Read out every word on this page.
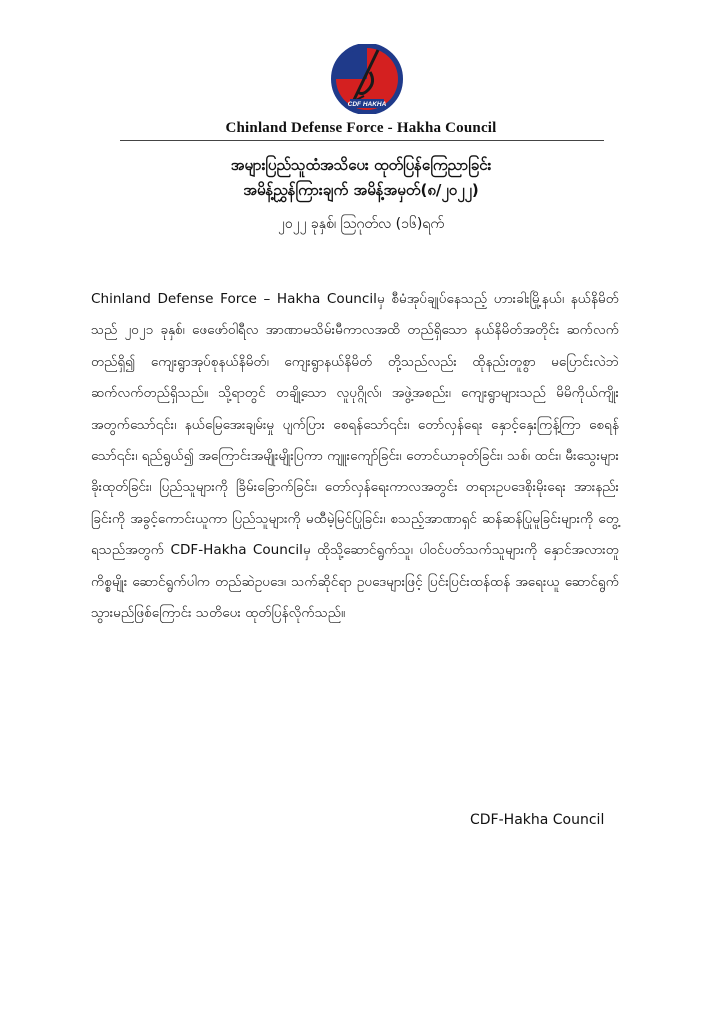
CDF HAKHA
Chinland Defense Force - Hakha Council
အများပြည်သူထံအသိပေး ထုတ်ပြန်ကြေညာခြင်း
အမိန့်ညွှန်ကြားချက် အမိန့်အမှတ်(၈/၂၀၂၂)
၂၀၂၂ ခုနှစ်၊ ဩဂုတ်လ (၁၆)ရက်
Chinland Defense Force – Hakha Councilမှ စီမံအုပ်ချုပ်နေသည့် ဟားခါးမြို့နယ်၊ နယ်နိမိတ်သည် ၂၀၂၁ ခုနှစ်၊ ဖေဖော်ဝါရီလ အာဏာမသိမ်းမီကာလအထိ တည်ရှိသော နယ်နိမိတ်အတိုင်း ဆက်လက်တည်ရှိ၍ ကျေးရွာအုပ်စုနယ်နိမိတ်၊ ကျေးရွာနယ်နိမိတ် တို့သည်လည်း ထိုနည်းတူစွာ မပြောင်းလဲဘဲ ဆက်လက်တည်ရှိသည်။ သို့ရာတွင် တချို့သော လူပုဂ္ဂိုလ်၊ အဖွဲ့အစည်း၊ ကျေးရွာများသည် မိမိကိုယ်ကျိုး အတွက်သော်၎င်း၊ နယ်မြေအေးချမ်းမှု ပျက်ပြား စေရန်သော်၎င်း၊ တော်လှန်ရေး နှောင့်နှေးကြန့်ကြာ စေရန်သော်၎င်း၊ ရည်ရွယ်၍ အကြောင်းအမျိုးမျိုးပြကာ ကျူးကျော်ခြင်း၊ တောင်ယာခုတ်ခြင်း၊ သစ်၊ ထင်း၊ မီးသွေးများ ခိုးထုတ်ခြင်း၊ ပြည်သူများကို ခြိမ်းခြောက်ခြင်း၊ တော်လှန်ရေးကာလအတွင်း တရားဥပဒေစိုးမိုးရေး အားနည်းခြင်းကို အခွင့်ကောင်းယူကာ ပြည်သူများကို မထီမဲ့မြင်ပြုခြင်း၊ စသည့်အာဏာရှင် ဆန်ဆန်ပြုမူခြင်းများကို တွေ့ရသည်အတွက် CDF-Hakha Councilမှ ထိုသို့ဆောင်ရွက်သူ၊ ပါဝင်ပတ်သက်သူများကို နှောင်အလားတူကိစ္စမျိုး ဆောင်ရွက်ပါက တည်ဆဲဥပဒေ၊ သက်ဆိုင်ရာ ဥပဒေများဖြင့် ပြင်းပြင်းထန်ထန် အရေးယူ ဆောင်ရွက်သွားမည်ဖြစ်ကြောင်း သတိပေး ထုတ်ပြန်လိုက်သည်။
CDF-Hakha Council
